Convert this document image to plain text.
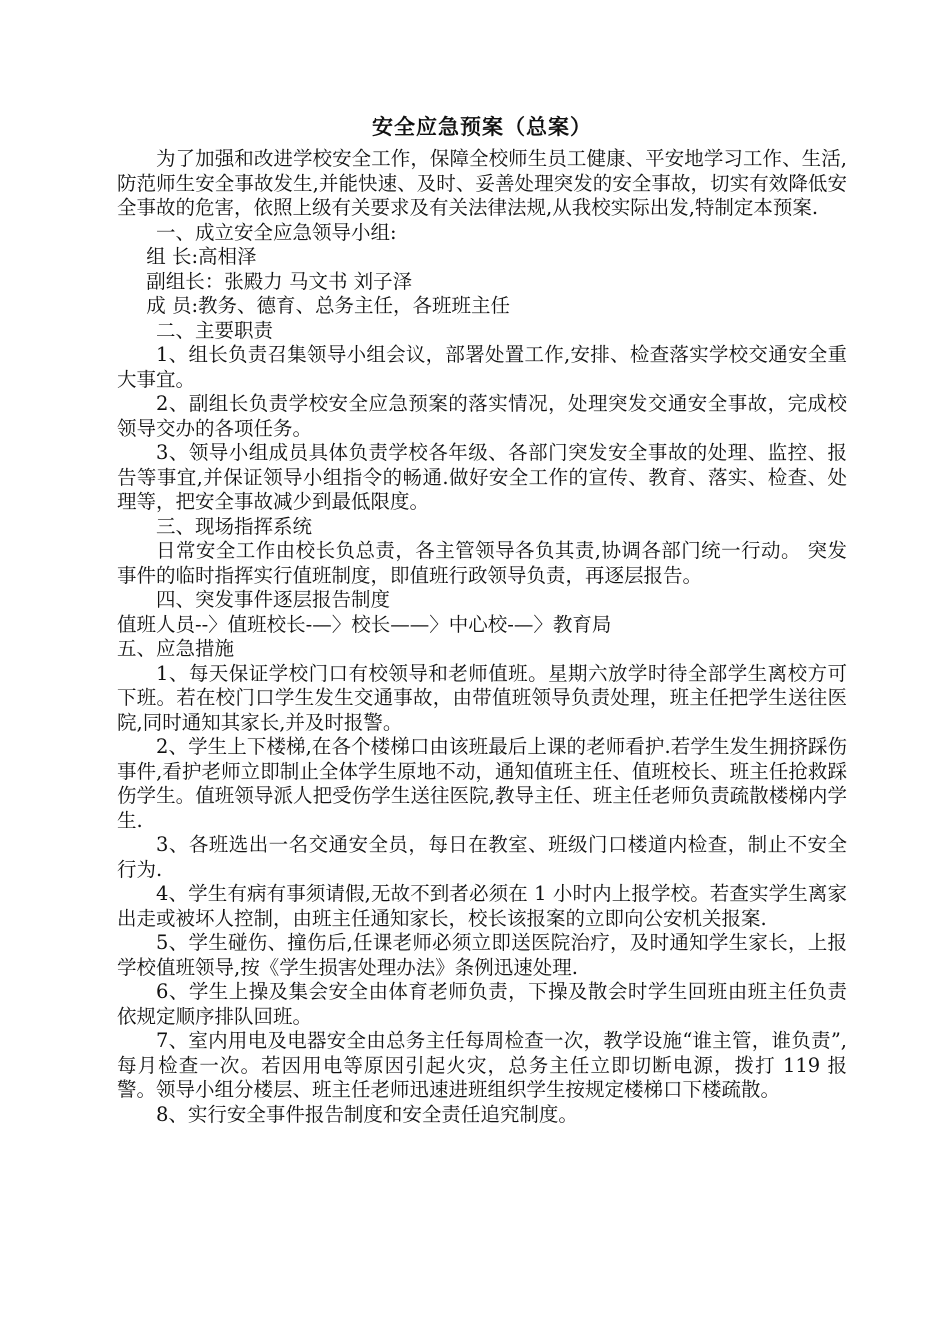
安全应急预案（总案）

为了加强和改进学校安全工作，保障全校师生员工健康、平安地学习工作、生活,防范师生安全事故发生,并能快速、及时、妥善处理突发的安全事故，切实有效降低安全事故的危害，依照上级有关要求及有关法律法规,从我校实际出发,特制定本预案.

一、成立安全应急领导小组:

组 长:高相泽

副组长：张殿力 马文书 刘子泽

成 员:教务、德育、总务主任，各班班主任

二、主要职责

1、组长负责召集领导小组会议，部署处置工作,安排、检查落实学校交通安全重大事宜。

2、副组长负责学校安全应急预案的落实情况，处理突发交通安全事故，完成校领导交办的各项任务。

3、领导小组成员具体负责学校各年级、各部门突发安全事故的处理、监控、报告等事宜,并保证领导小组指令的畅通.做好安全工作的宣传、教育、落实、检查、处理等，把安全事故减少到最低限度。

三、现场指挥系统

日常安全工作由校长负总责，各主管领导各负其责,协调各部门统一行动。 突发事件的临时指挥实行值班制度，即值班行政领导负责，再逐层报告。

四、突发事件逐层报告制度

值班人员--〉值班校长-—〉校长——〉中心校-—〉教育局

五、应急措施

1、每天保证学校门口有校领导和老师值班。星期六放学时待全部学生离校方可下班。若在校门口学生发生交通事故，由带值班领导负责处理，班主任把学生送往医院,同时通知其家长,并及时报警。

2、学生上下楼梯,在各个楼梯口由该班最后上课的老师看护.若学生发生拥挤踩伤事件,看护老师立即制止全体学生原地不动，通知值班主任、值班校长、班主任抢救踩伤学生。值班领导派人把受伤学生送往医院,教导主任、班主任老师负责疏散楼梯内学生.

3、各班选出一名交通安全员，每日在教室、班级门口楼道内检查，制止不安全行为.

4、学生有病有事须请假,无故不到者必须在 1 小时内上报学校。若查实学生离家出走或被坏人控制，由班主任通知家长，校长该报案的立即向公安机关报案.

5、学生碰伤、撞伤后,任课老师必须立即送医院治疗，及时通知学生家长，上报学校值班领导,按《学生损害处理办法》条例迅速处理.

6、学生上操及集会安全由体育老师负责，下操及散会时学生回班由班主任负责依规定顺序排队回班。

7、室内用电及电器安全由总务主任每周检查一次，教学设施“谁主管，谁负责”,每月检查一次。若因用电等原因引起火灾，总务主任立即切断电源，拨打 119 报警。领导小组分楼层、班主任老师迅速进班组织学生按规定楼梯口下楼疏散。

8、实行安全事件报告制度和安全责任追究制度。
